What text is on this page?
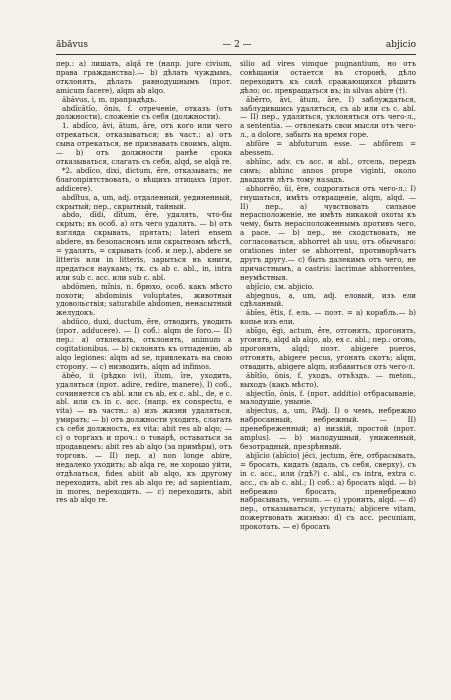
ăbăvus	— 2 —	abjicio

пер.: a) лишать, alqâ re (напр. jure civium, права гражданства).— b) дѣлать чуждымъ, отклонять, дѣлать равнодушнымъ (прот. amicum facere), alqm ab alqo.

ăbăvus, i, m. прапрадѣдъ.

abdĭcātĭo, ōnis, f. отреченіе, отказъ (отъ должности), сложеніе съ себя (должности).

1. abdĭco, āvi, ātum, āre, отъ кого или чего отрекаться, отказываться; въ част.: a) отъ сына отрекаться, не признавать своимъ, alqm.— b) отъ должности ранѣе срока отказываться, слагать съ себя, alqd, se alqâ re.

*2. abdīco, dixi, dictum, ĕre, отказывать; не благопріятствовать, о вѣщихъ птицахъ (прот. addicere).

abdĭtus, a, um, adj. отдаленный, уединенный, скрытый; пер., скрытный, тайный.

abdo, dĭdi, dĭtum, ĕre, удалять, что-бы скрыть; въ особ. a) отъ чего удалять. — b) отъ взгляда скрывать, прятать; lateri ensem abdere, въ безопасномъ или скрытномъ мѣстѣ, = удалять, = скрывать (соб. и пер.), abdere se litteris или in litteris, зарыться въ книги, предаться наукамъ; тк. съ ab c. abl., in, intra или sub c. acc. или sub c. abl.

abdōmen, mĭnis, n. брюхо, особ. какъ мѣсто похоти; abdominis voluptates, животныя удовольствія; saturabile abdomen, ненасытный желудокъ.

abdūco, duxi, ductum, ĕre, отводить, уводить (прот. adducere). — I) соб.: alqm de foro.— II) пер.: a) отвлекать, отклонять, animum a cogitationibus. — b) склонять къ отпаденію, ab alqo legiones: alqm ad se, привлекать на свою сторону. — c) низводить, alqm ad infimos.

ăbĕo, ii (рѣдко ivi), ĭtum, īre, уходить, удаляться (прот. adire, redire, manere), I) соб., сочиняется съ abl. или съ ab, ex c. abl., de, e c. abl. или съ in c. acc. (напр. ex conspectu, e vita) — въ частн.: a) изъ жизни удаляться, умирать; — b) отъ должности уходить, слагать съ себя должность, ex vita: abit res ab alqo; — c) о торгахъ и проч.: о товарѣ, оставаться за продавцемъ: abit res ab alqo (за примѣры), отъ торговъ. — II) пер. a) non longe abire, недалеко уходить; ab alqa re, не хорошо уйти, отдѣлаться, fides abiit ab alqo, къ другому переходить, abit res ab alqo re; ad sapientiam, in mores, переходить. — c) переходить, abit res ab alqo re.

silio ad vires vimque pugnantium, но отъ совѣщанія остается въ сторонѣ, дѣло переходитъ къ силѣ сражающихся рѣшить дѣло; ос. превращаться въ; in silvas abire (†).

ăbĕrro, āvi, ātum, āre, I) заблуждаться, заблудившись удаляться, съ ab или съ c. abl. — II) пер., удаляться, уклоняться отъ чего-л., a sententia. — отвлекать свои мысли отъ чего-л., a dolore, забыть на время горе.

abfŏre = abfuturum esse. — abfŏrem = abessem.

abhĭnc, adv. съ acc. и abl., отсель, передъ симъ; abhinc annos prope viginti, около двадцати лѣтъ тому назадъ.

abhorrĕo, ŭi, ēre, содрогаться отъ чего-л.: I) гнушаться, имѣть отвращеніе, alqm, alqd. — II) пер., a) чувствовать сильное нерасположеніе, не имѣть никакой охоты къ чему, быть нерасположеннымъ противъ чего, a pace. — b) пер., не сходствовать, не согласоваться, abhorret ab usu, отъ обычнаго: orationes inter se abhorrent, противорѣчатъ другъ другу.— c) быть далекимъ отъ чего, не причастнымъ, a castris: lacrimae abhorrentes, неумѣстныя.

abjĭcio, см. abjicio.

abjegnus, a, um, adj. еловый, изъ ели сдѣланный.

ăbĭes, ĕtis, f. ель. — поэт. = a) корабль.— b) копье изъ ели.

abĭgo, ēgi, actum, ĕre, отгонять, прогонять, угонять, alqd ab alqo, ab, ex c. abl.; пер.: огонь, прогонять, alqd; поэт. abigere pueros, отгонять, abigere peсus, угонять скотъ; alqm, отвадить, abigere alqm, избавиться отъ чего-л.

ăbĭtĭo, ōnis, f. уходъ, отъѣздъ. — meton., выходъ (какъ мѣсто).

abjectĭo, ōnis, f. (прот. additio) отбрасываніе, малодушіе, уныніе.

abjectus, a, um, PAdj. I) о чемъ, небрежно набросанный, небрежный. — II) пренебреженный; a) низкій, простой (прот. amplus). — b) малодушный, униженный, безотрадный, презрѣнный.

abjĭcio (abĭcio) jēci, jectum, ĕre, отбрасывать, = бросать, кидать (вдаль, съ себя, сверху), съ in c. acc., или (гдѣ?) c. abl., съ intra, extra c. acc., съ ab c. abl.; I) соб.: a) бросать alqd. — b) небрежно бросать, пренебрежно набрасывать, versum. — с) уронить, alqd. — d) пер., отказываться, уступать; abjicere vitam, пожертвовать жизнью: d) съ acc. pecuniam, прокотать. — е) бросать
